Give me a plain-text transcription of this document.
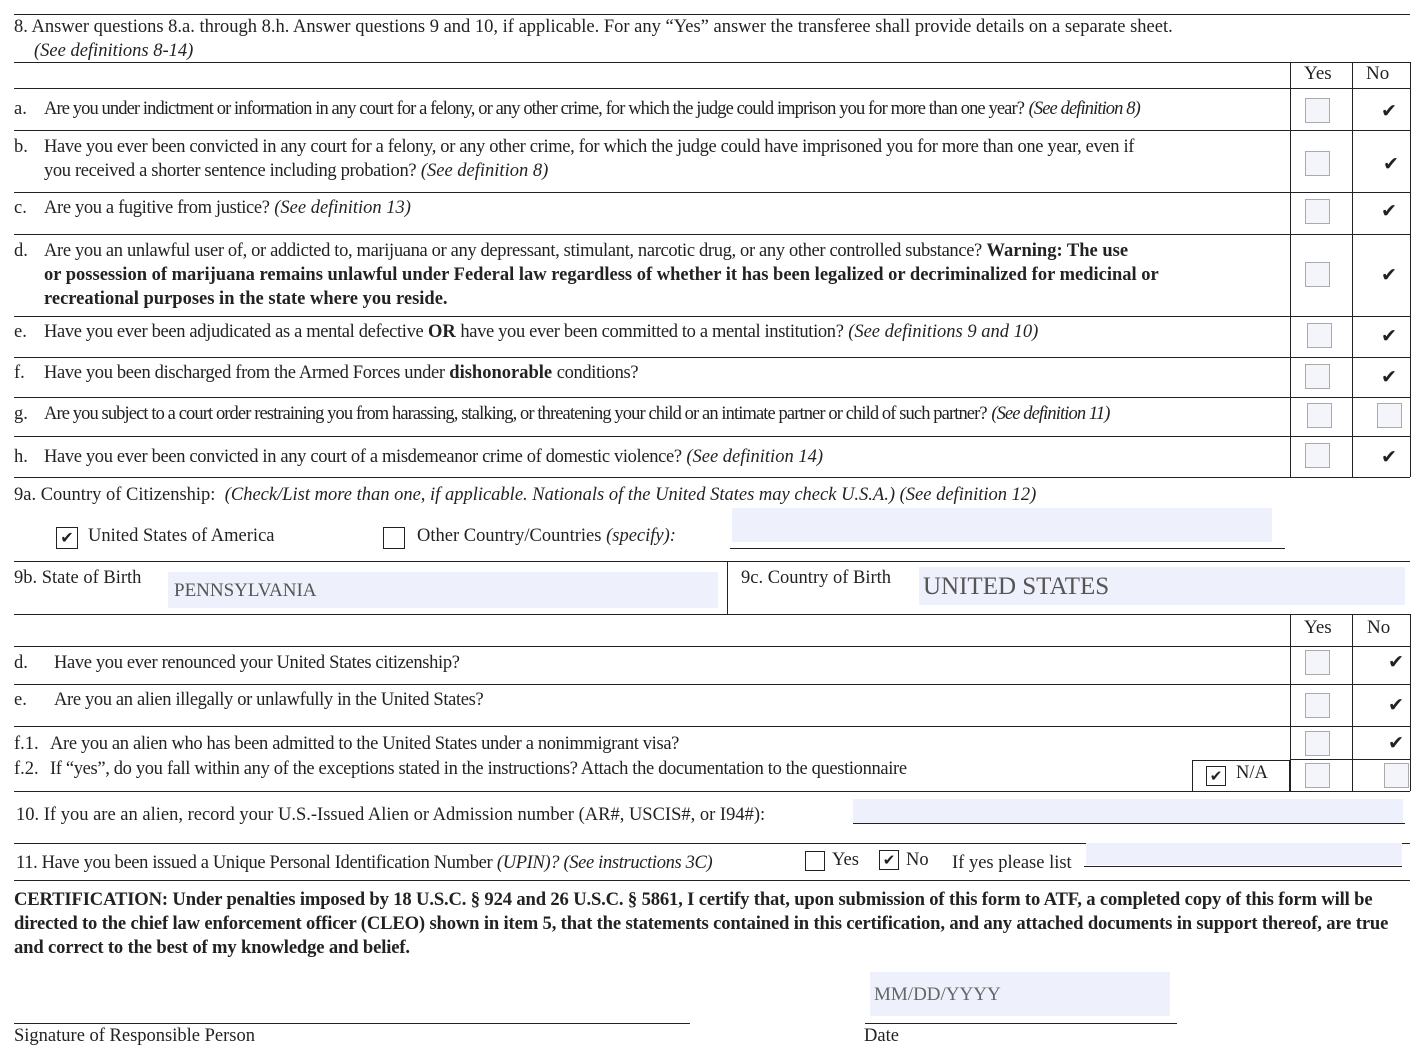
8. Answer questions 8.a. through 8.h. Answer questions 9 and 10, if applicable. For any “Yes” answer the transferee shall provide details on a separate sheet.
(See definitions 8-14)
Yes No
a. Are you under indictment or information in any court for a felony, or any other crime, for which the judge could imprison you for more than one year? (See definition 8)	✔
b. Have you ever been convicted in any court for a felony, or any other crime, for which the judge could have imprisoned you for more than one year, even if
you received a shorter sentence including probation? (See definition 8)	✔
c. Are you a fugitive from justice? (See definition 13)	✔
d. Are you an unlawful user of, or addicted to, marijuana or any depressant, stimulant, narcotic drug, or any other controlled substance? Warning: The use
or possession of marijuana remains unlawful under Federal law regardless of whether it has been legalized or decriminalized for medicinal or
recreational purposes in the state where you reside.
✔
e. Have you ever been adjudicated as a mental defective OR have you ever been committed to a mental institution? (See definitions 9 and 10)	✔
f. Have you been discharged from the Armed Forces under dishonorable conditions?	✔
g. Are you subject to a court order restraining you from harassing, stalking, or threatening your child or an intimate partner or child of such partner? (See definition 11)
h. Have you ever been convicted in any court of a misdemeanor crime of domestic violence? (See definition 14)	✔
9a. Country of Citizenship: (Check/List more than one, if applicable. Nationals of the United States may check U.S.A.) (See definition 12)
✔ United States of America	Other Country/Countries (specify):
9b. State of Birth
PENNSYLVANIA
9c. Country of Birth UNITED STATES
Yes No
d. Have you ever renounced your United States citizenship?	✔
e. Are you an alien illegally or unlawfully in the United States?	✔
f.1. Are you an alien who has been admitted to the United States under a nonimmigrant visa?	✔
f.2. If “yes”, do you fall within any of the exceptions stated in the instructions? Attach the documentation to the questionnaire	✔ N/A
10. If you are an alien, record your U.S.-Issued Alien or Admission number (AR#, USCIS#, or I94#):
11. Have you been issued a Unique Personal Identification Number (UPIN)? (See instructions 3C)	Yes ✔ No If yes please list
CERTIFICATION: Under penalties imposed by 18 U.S.C. § 924 and 26 U.S.C. § 5861, I certify that, upon submission of this form to ATF, a completed copy of this form will be directed to the chief law enforcement officer (CLEO) shown in item 5, that the statements contained in this certification, and any attached documents in support thereof, are true and correct to the best of my knowledge and belief.
Signature of Responsible Person
MM/DD/YYYY
Date
